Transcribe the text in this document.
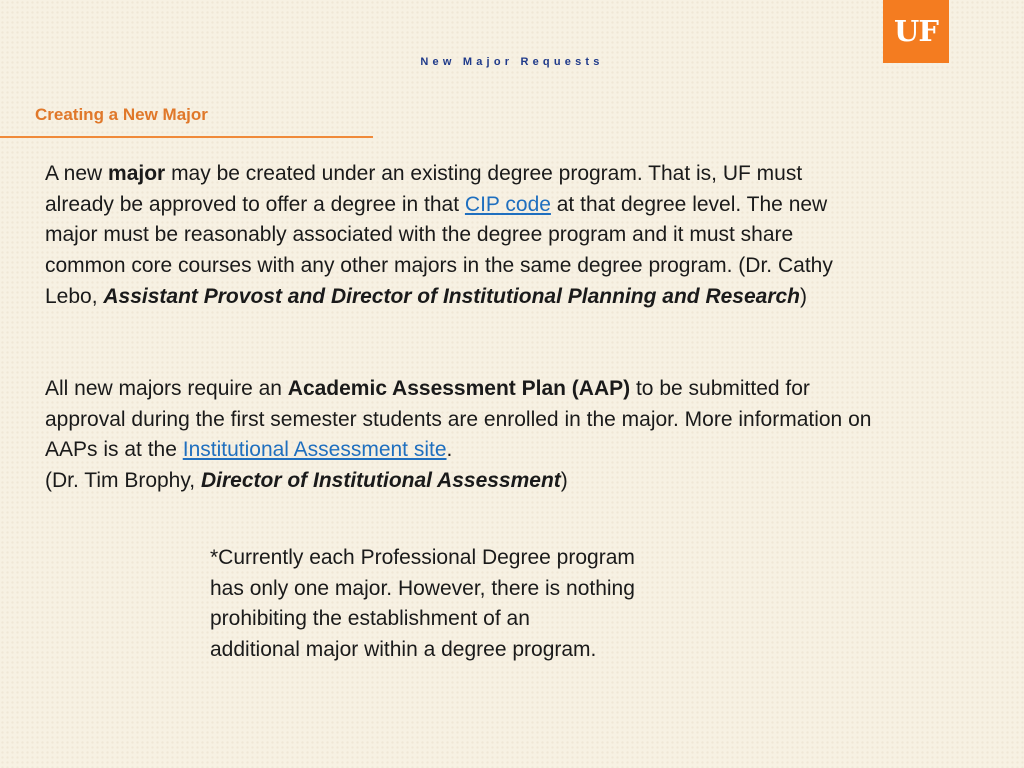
UF
New Major Requests
Creating a New Major

A new major may be created under an existing degree program. That is, UF must already be approved to offer a degree in that CIP code at that degree level. The new major must be reasonably associated with the degree program and it must share common core courses with any other majors in the same degree program. (Dr. Cathy Lebo, Assistant Provost and Director of Institutional Planning and Research)

All new majors require an Academic Assessment Plan (AAP) to be submitted for approval during the first semester students are enrolled in the major. More information on AAPs is at the Institutional Assessment site.

(Dr. Tim Brophy, Director of Institutional Assessment)

*Currently each Professional Degree program

has only one major. However, there is nothing

prohibiting the establishment of an

additional major within a degree program.
